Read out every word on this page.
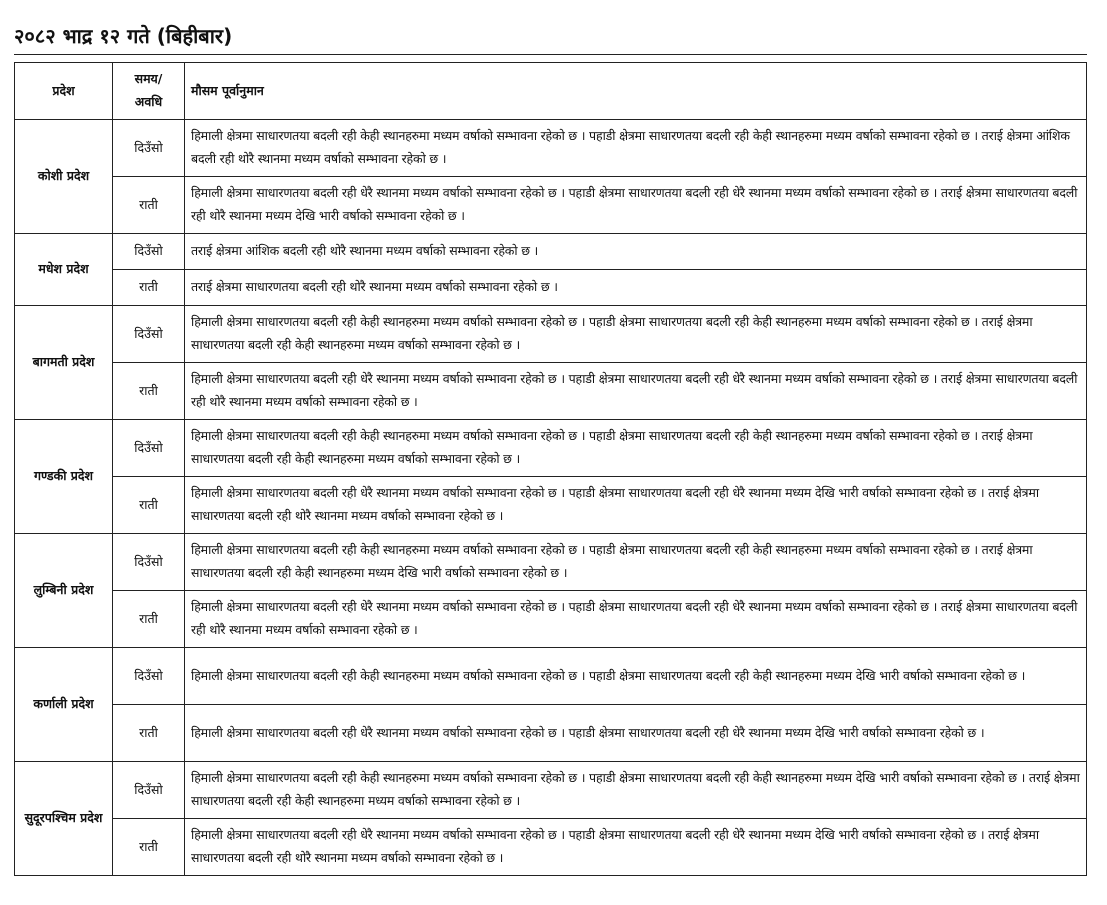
२०८२ भाद्र १२ गते (बिहीबार)
प्रदेश	समय/ अवधि	मौसम पूर्वानुमान
कोशी प्रदेश	दिउँसो	हिमाली क्षेत्रमा साधारणतया बदली रही केही स्थानहरुमा मध्यम वर्षाको सम्भावना रहेको छ । पहाडी क्षेत्रमा साधारणतया बदली रही केही स्थानहरुमा मध्यम वर्षाको सम्भावना रहेको छ । तराई क्षेत्रमा आंशिक बदली रही थोरै स्थानमा मध्यम वर्षाको सम्भावना रहेको छ ।
	राती	हिमाली क्षेत्रमा साधारणतया बदली रही धेरै स्थानमा मध्यम वर्षाको सम्भावना रहेको छ । पहाडी क्षेत्रमा साधारणतया बदली रही धेरै स्थानमा मध्यम वर्षाको सम्भावना रहेको छ । तराई क्षेत्रमा साधारणतया बदली रही थोरै स्थानमा मध्यम देखि भारी वर्षाको सम्भावना रहेको छ ।
मधेश प्रदेश	दिउँसो	तराई क्षेत्रमा आंशिक बदली रही थोरै स्थानमा मध्यम वर्षाको सम्भावना रहेको छ ।
	राती	तराई क्षेत्रमा साधारणतया बदली रही थोरै स्थानमा मध्यम वर्षाको सम्भावना रहेको छ ।
बागमती प्रदेश	दिउँसो	हिमाली क्षेत्रमा साधारणतया बदली रही केही स्थानहरुमा मध्यम वर्षाको सम्भावना रहेको छ । पहाडी क्षेत्रमा साधारणतया बदली रही केही स्थानहरुमा मध्यम वर्षाको सम्भावना रहेको छ । तराई क्षेत्रमा साधारणतया बदली रही केही स्थानहरुमा मध्यम वर्षाको सम्भावना रहेको छ ।
	राती	हिमाली क्षेत्रमा साधारणतया बदली रही धेरै स्थानमा मध्यम वर्षाको सम्भावना रहेको छ । पहाडी क्षेत्रमा साधारणतया बदली रही धेरै स्थानमा मध्यम वर्षाको सम्भावना रहेको छ । तराई क्षेत्रमा साधारणतया बदली रही थोरै स्थानमा मध्यम वर्षाको सम्भावना रहेको छ ।
गण्डकी प्रदेश	दिउँसो	हिमाली क्षेत्रमा साधारणतया बदली रही केही स्थानहरुमा मध्यम वर्षाको सम्भावना रहेको छ । पहाडी क्षेत्रमा साधारणतया बदली रही केही स्थानहरुमा मध्यम वर्षाको सम्भावना रहेको छ । तराई क्षेत्रमा साधारणतया बदली रही केही स्थानहरुमा मध्यम वर्षाको सम्भावना रहेको छ ।
	राती	हिमाली क्षेत्रमा साधारणतया बदली रही धेरै स्थानमा मध्यम वर्षाको सम्भावना रहेको छ । पहाडी क्षेत्रमा साधारणतया बदली रही धेरै स्थानमा मध्यम देखि भारी वर्षाको सम्भावना रहेको छ । तराई क्षेत्रमा साधारणतया बदली रही थोरै स्थानमा मध्यम वर्षाको सम्भावना रहेको छ ।
लुम्बिनी प्रदेश	दिउँसो	हिमाली क्षेत्रमा साधारणतया बदली रही केही स्थानहरुमा मध्यम वर्षाको सम्भावना रहेको छ । पहाडी क्षेत्रमा साधारणतया बदली रही केही स्थानहरुमा मध्यम वर्षाको सम्भावना रहेको छ । तराई क्षेत्रमा साधारणतया बदली रही केही स्थानहरुमा मध्यम देखि भारी वर्षाको सम्भावना रहेको छ ।
	राती	हिमाली क्षेत्रमा साधारणतया बदली रही धेरै स्थानमा मध्यम वर्षाको सम्भावना रहेको छ । पहाडी क्षेत्रमा साधारणतया बदली रही धेरै स्थानमा मध्यम वर्षाको सम्भावना रहेको छ । तराई क्षेत्रमा साधारणतया बदली रही थोरै स्थानमा मध्यम वर्षाको सम्भावना रहेको छ ।
कर्णाली प्रदेश	दिउँसो	हिमाली क्षेत्रमा साधारणतया बदली रही केही स्थानहरुमा मध्यम वर्षाको सम्भावना रहेको छ । पहाडी क्षेत्रमा साधारणतया बदली रही केही स्थानहरुमा मध्यम देखि भारी वर्षाको सम्भावना रहेको छ ।
	राती	हिमाली क्षेत्रमा साधारणतया बदली रही धेरै स्थानमा मध्यम वर्षाको सम्भावना रहेको छ । पहाडी क्षेत्रमा साधारणतया बदली रही धेरै स्थानमा मध्यम देखि भारी वर्षाको सम्भावना रहेको छ ।
सुदूरपश्चिम प्रदेश	दिउँसो	हिमाली क्षेत्रमा साधारणतया बदली रही केही स्थानहरुमा मध्यम वर्षाको सम्भावना रहेको छ । पहाडी क्षेत्रमा साधारणतया बदली रही केही स्थानहरुमा मध्यम देखि भारी वर्षाको सम्भावना रहेको छ । तराई क्षेत्रमा साधारणतया बदली रही केही स्थानहरुमा मध्यम वर्षाको सम्भावना रहेको छ ।
	राती	हिमाली क्षेत्रमा साधारणतया बदली रही धेरै स्थानमा मध्यम वर्षाको सम्भावना रहेको छ । पहाडी क्षेत्रमा साधारणतया बदली रही धेरै स्थानमा मध्यम देखि भारी वर्षाको सम्भावना रहेको छ । तराई क्षेत्रमा साधारणतया बदली रही थोरै स्थानमा मध्यम वर्षाको सम्भावना रहेको छ ।
